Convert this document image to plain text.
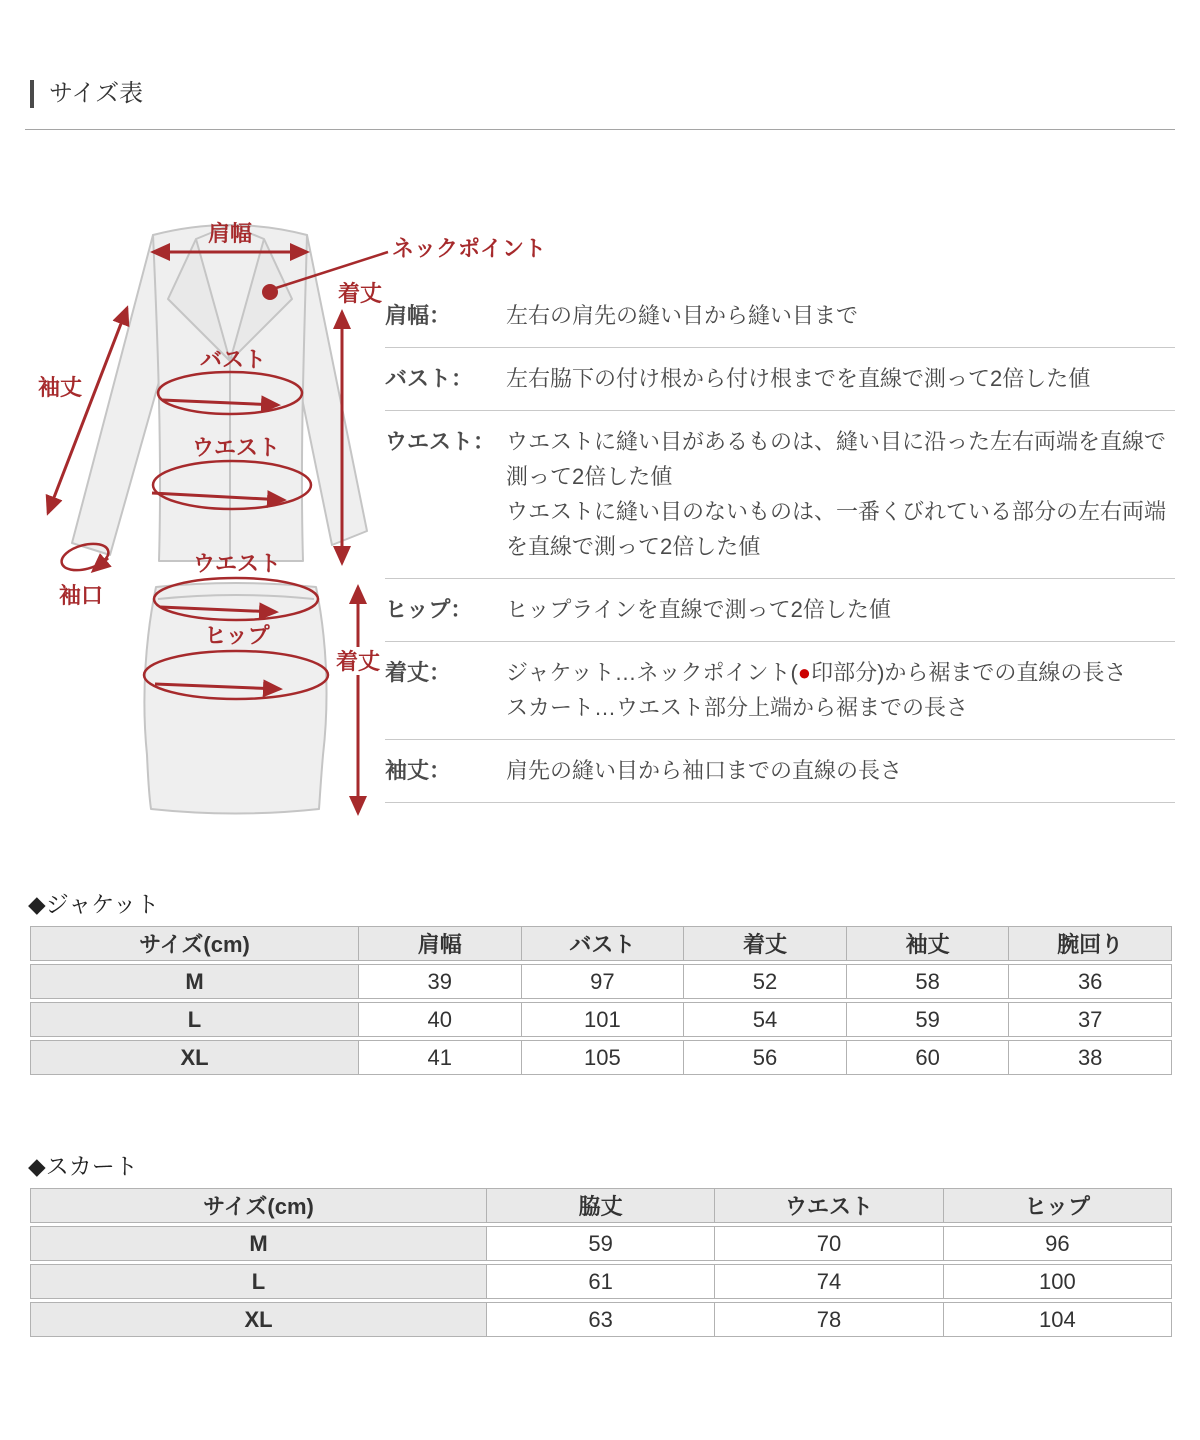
サイズ表
肩幅
着丈
バスト
ウエスト
袖丈
袖口
ウエスト
ヒップ
着丈
ネックポイント
肩幅：	左右の肩先の縫い目から縫い目まで
バスト：	左右脇下の付け根から付け根までを直線で測って2倍した値
ウエスト： ウエストに縫い目があるものは、縫い目に沿った左右両端を直線で測って2倍した値
ウエストに縫い目のないものは、一番くびれている部分の左右両端を直線で測って2倍した値
ヒップ：	ヒップラインを直線で測って2倍した値
着丈：	ジャケット…ネックポイント(●印部分)から裾までの直線の長さ
スカート…ウエスト部分上端から裾までの長さ
袖丈：	肩先の縫い目から袖口までの直線の長さ
◆ジャケット
サイズ(cm)	肩幅	バスト	着丈	袖丈	腕回り
M	39	97	52	58	36
L	40	101	54	59	37
XL	41	105	56	60	38
◆スカート
サイズ(cm)	脇丈	ウエスト	ヒップ
M	59	70	96
L	61	74	100
XL	63	78	104
